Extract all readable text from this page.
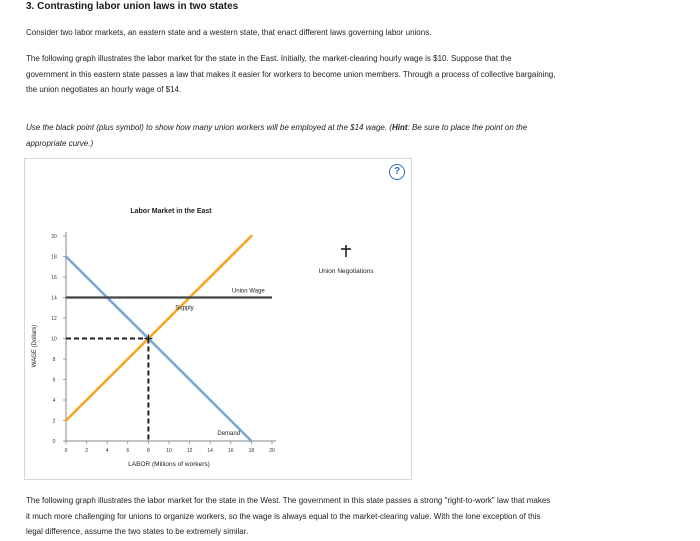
3. Contrasting labor union laws in two states

Consider two labor markets, an eastern state and a western state, that enact different laws governing labor unions.

The following graph illustrates the labor market for the state in the East. Initially, the market-clearing hourly wage is $10. Suppose that the
government in this eastern state passes a law that makes it easier for workers to become union members. Through a process of collective bargaining,
the union negotiates an hourly wage of $14.

Use the black point (plus symbol) to show how many union workers will be employed at the $14 wage. (Hint: Be sure to place the point on the
appropriate curve.)

?
Labor Market in the East
WAGE (Dollars)
LABOR (Millions of workers)
0	2	4	6	8	10	12	14	16	18	20
0
2
4
6
8
10
12
14
16
18
20
Union Wage
Supply
Demand
Union Negotiations

The following graph illustrates the labor market for the state in the West. The government in this state passes a strong "right-to-work" law that makes
it much more challenging for unions to organize workers, so the wage is always equal to the market-clearing value. With the lone exception of this
legal difference, assume the two states to be extremely similar.
